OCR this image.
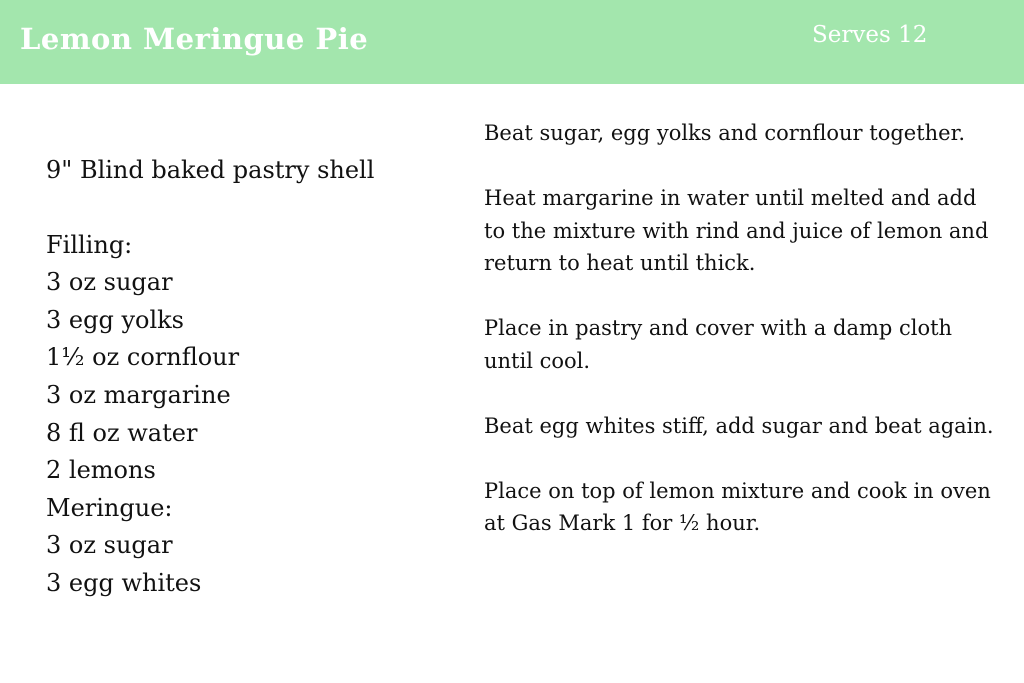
Lemon Meringue Pie	Serves 12
9" Blind baked pastry shell
Filling:
3 oz sugar
3 egg yolks
1½ oz cornflour
3 oz margarine
8 fl oz water
2 lemons
Meringue:
3 oz sugar
3 egg whites

Beat sugar, egg yolks and cornflour together.

Heat margarine in water until melted and add to the mixture with rind and juice of lemon and return to heat until thick.

Place in pastry and cover with a damp cloth until cool.

Beat egg whites stiff, add sugar and beat again.

Place on top of lemon mixture and cook in oven at Gas Mark 1 for ½ hour.
